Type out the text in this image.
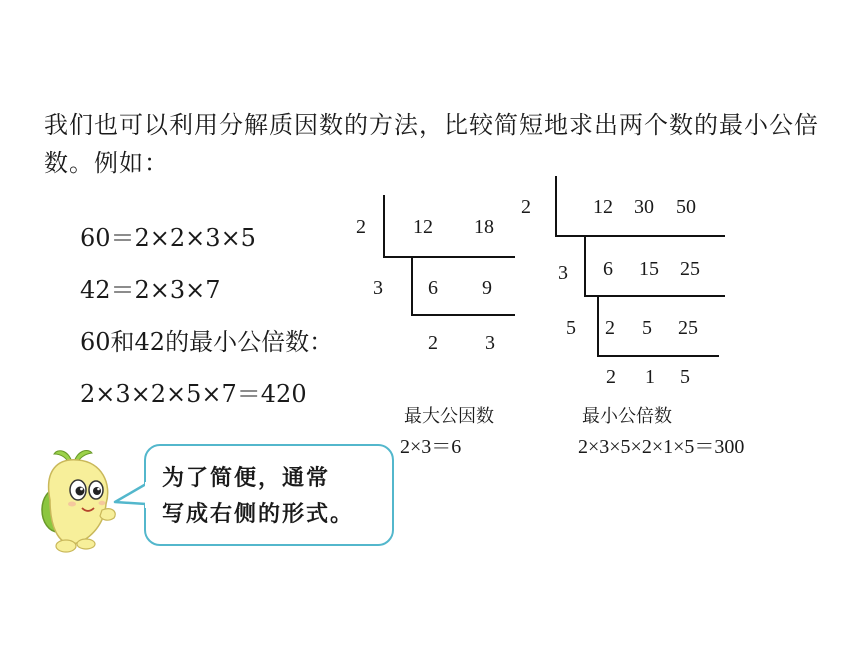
我们也可以利用分解质因数的方法，比较简短地求出两个数的最小公倍数。例如：
60＝2×2×3×5
42＝2×3×7
60和42的最小公倍数：
2×3×2×5×7＝420
2 12 18
3 6 9
2 3
最大公因数
2×3＝6
2	12 30 50
3 6 15 25
5 2 5 25
2 1 5
最小公倍数
2×3×5×2×1×5＝300
为了简便，通常
写成右侧的形式。
